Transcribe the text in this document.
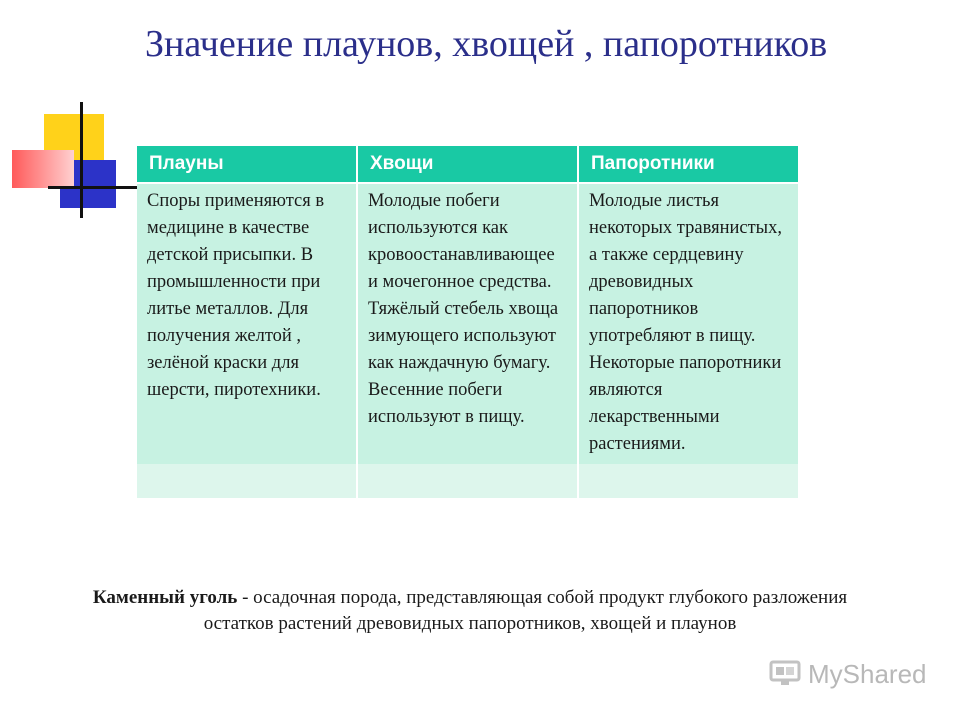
Значение плаунов, хвощей , папоротников
Плауны	Хвощи	Папоротники
Споры применяются в медицине в качестве детской присыпки. В промышленности при литье металлов. Для получения желтой , зелёной краски для шерсти, пиротехники.	Молодые побеги используются как кровоостанавливающее и мочегонное средства. Тяжёлый стебель хвоща зимующего используют как наждачную бумагу. Весенние побеги используют в пищу.	Молодые листья некоторых травянистых, а также сердцевину древовидных папоротников употребляют в пищу. Некоторые папоротники являются лекарственными растениями.

Каменный уголь - осадочная порода, представляющая собой продукт глубокого разложения остатков растений древовидных папоротников, хвощей и плаунов
MyShared
